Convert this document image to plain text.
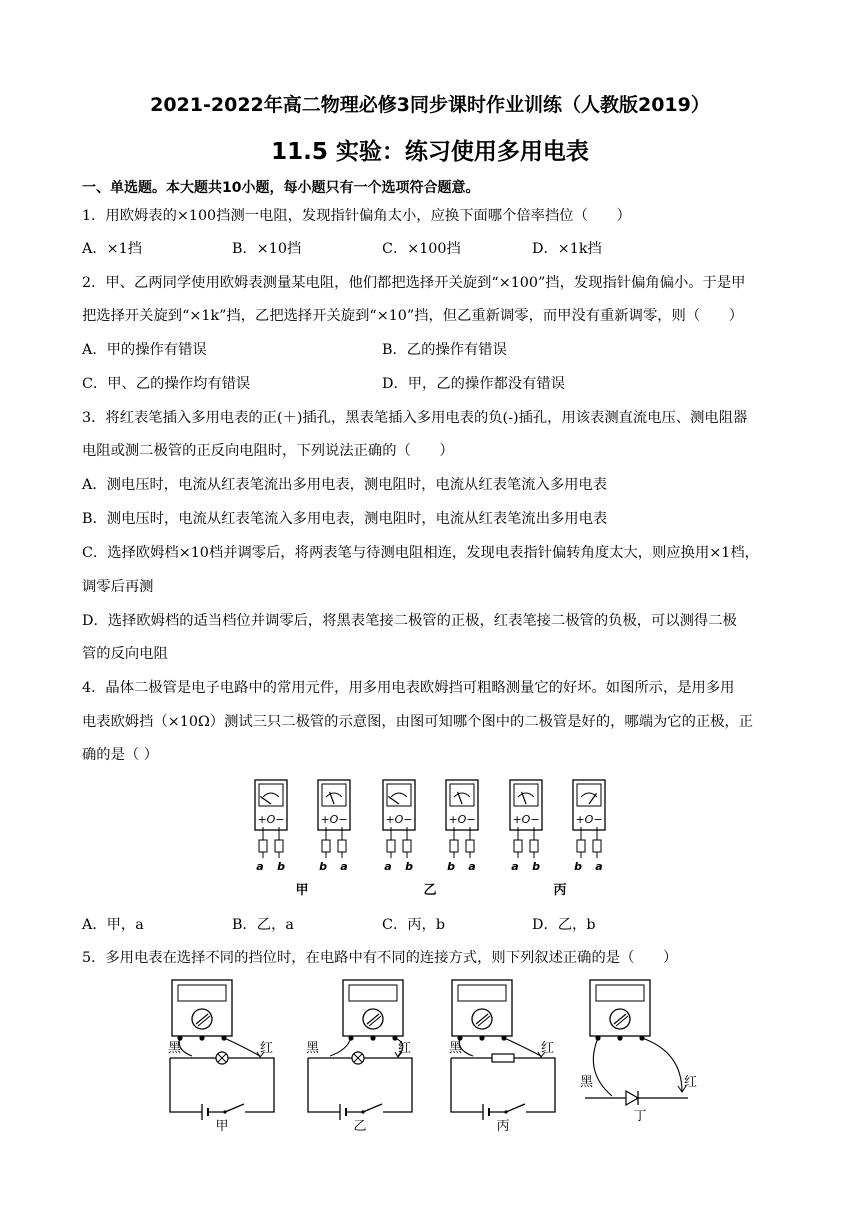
2021-2022年高二物理必修3同步课时作业训练（人教版2019）
11.5 实验：练习使用多用电表
一、单选题。本大题共10小题，每小题只有一个选项符合题意。
1．用欧姆表的×100挡测一电阻，发现指针偏角太小，应换下面哪个倍率挡位（　　）
A．×1挡	B．×10挡	C．×100挡	D．×1k挡
2．甲、乙两同学使用欧姆表测量某电阻，他们都把选择开关旋到“×100”挡，发现指针偏角偏小。于是甲
把选择开关旋到“×1k”挡，乙把选择开关旋到“×10”挡，但乙重新调零，而甲没有重新调零，则（　　）
A．甲的操作有错误	B．乙的操作有错误
C．甲、乙的操作均有错误	D．甲，乙的操作都没有错误
3．将红表笔插入多用电表的正(＋)插孔，黑表笔插入多用电表的负(-)插孔，用该表测直流电压、测电阻器
电阻或测二极管的正反向电阻时，下列说法正确的（　　）
A．测电压时，电流从红表笔流出多用电表，测电阻时，电流从红表笔流入多用电表
B．测电压时，电流从红表笔流入多用电表，测电阻时，电流从红表笔流出多用电表
C．选择欧姆档×10档并调零后，将两表笔与待测电阻相连，发现电表指针偏转角度太大，则应换用×1档，
调零后再测
D．选择欧姆档的适当档位并调零后，将黑表笔接二极管的正极，红表笔接二极管的负极，可以测得二极
管的反向电阻
4．晶体二极管是电子电路中的常用元件，用多用电表欧姆挡可粗略测量它的好坏。如图所示，是用多用
电表欧姆挡（×10Ω）测试三只二极管的示意图，由图可知哪个图中的二极管是好的，哪端为它的正极，正
确的是（ ）
+O−
a b
+O−
b a
+O−
a b
+O−
b a
+O−
a b
+O−
b a
甲	乙	丙
A．甲，a	B．乙，a	C．丙，b	D．乙，b
5．多用电表在选择不同的挡位时，在电路中有不同的连接方式，则下列叙述正确的是（　　）
黑	红
甲
黑	红
乙
黑	红
丙
黑	红
丁
